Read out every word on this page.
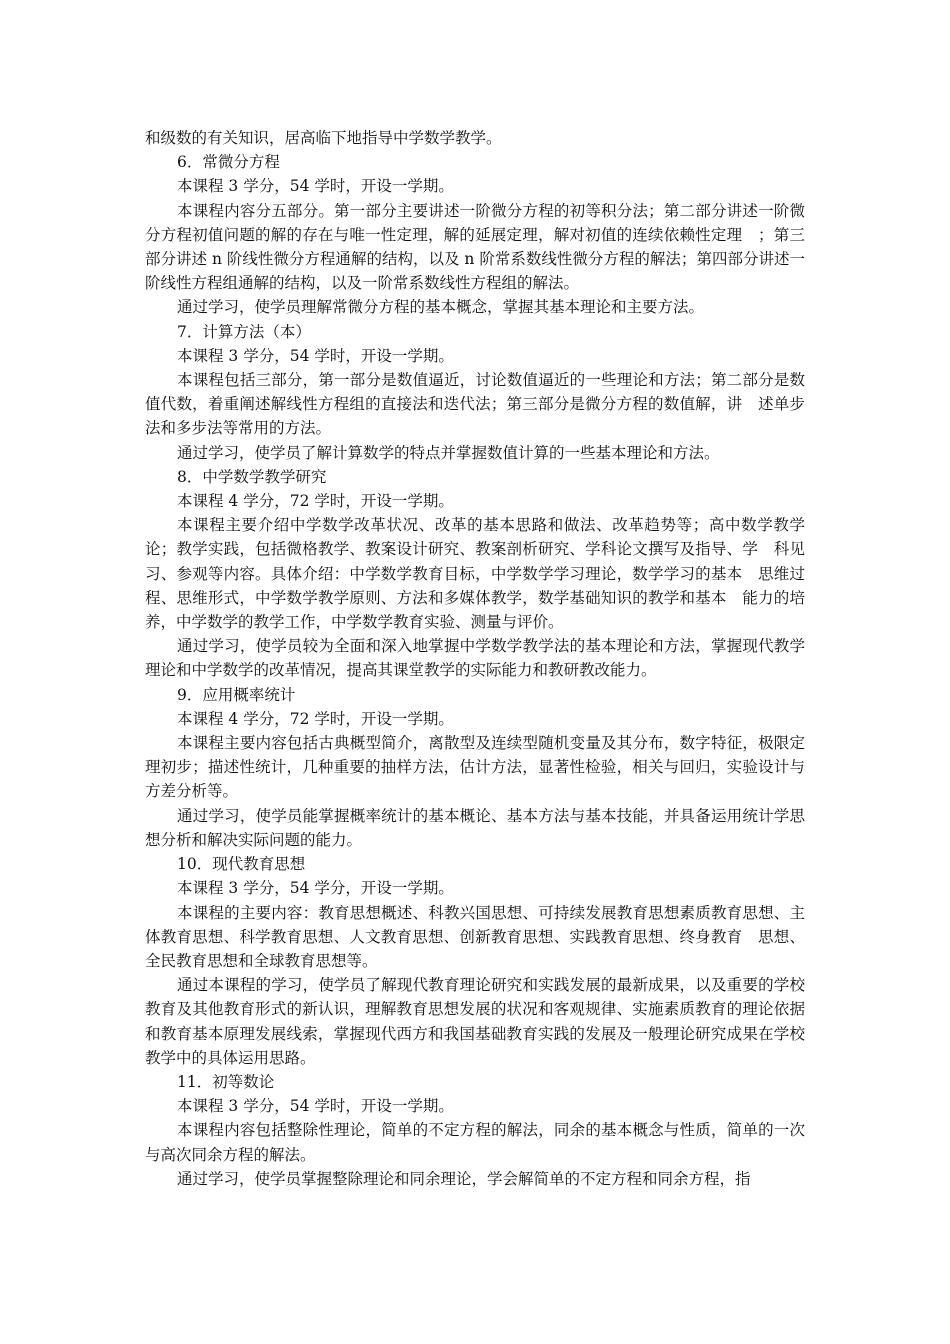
和级数的有关知识，居高临下地指导中学数学教学。

6．常微分方程

本课程 3 学分，54 学时，开设一学期。

本课程内容分五部分。第一部分主要讲述一阶微分方程的初等积分法；第二部分讲述一阶微分方程初值问题的解的存在与唯一性定理，解的延展定理，解对初值的连续依赖性定理　；第三部分讲述 n 阶线性微分方程通解的结构，以及 n 阶常系数线性微分方程的解法；第四部分讲述一阶线性方程组通解的结构，以及一阶常系数线性方程组的解法。

通过学习，使学员理解常微分方程的基本概念，掌握其基本理论和主要方法。

7．计算方法（本）

本课程 3 学分，54 学时，开设一学期。

本课程包括三部分，第一部分是数值逼近，讨论数值逼近的一些理论和方法；第二部分是数值代数，着重阐述解线性方程组的直接法和迭代法；第三部分是微分方程的数值解，讲　述单步法和多步法等常用的方法。

通过学习，使学员了解计算数学的特点并掌握数值计算的一些基本理论和方法。

8．中学数学教学研究

本课程 4 学分，72 学时，开设一学期。

本课程主要介绍中学数学改革状况、改革的基本思路和做法、改革趋势等；高中数学教学论；教学实践，包括微格教学、教案设计研究、教案剖析研究、学科论文撰写及指导、学　科见习、参观等内容。具体介绍：中学数学教育目标，中学数学学习理论，数学学习的基本　思维过程、思维形式，中学数学教学原则、方法和多媒体教学，数学基础知识的教学和基本　能力的培养，中学数学的教学工作，中学数学教育实验、测量与评价。

通过学习，使学员较为全面和深入地掌握中学数学教学法的基本理论和方法，掌握现代教学理论和中学数学的改革情况，提高其课堂教学的实际能力和教研教改能力。

9．应用概率统计

本课程 4 学分，72 学时，开设一学期。

本课程主要内容包括古典概型简介，离散型及连续型随机变量及其分布，数字特征，极限定理初步；描述性统计，几种重要的抽样方法，估计方法，显著性检验，相关与回归，实验设计与方差分析等。

通过学习，使学员能掌握概率统计的基本概论、基本方法与基本技能，并具备运用统计学思想分析和解决实际问题的能力。

10．现代教育思想

本课程 3 学分，54 学分，开设一学期。

本课程的主要内容：教育思想概述、科教兴国思想、可持续发展教育思想素质教育思想、主体教育思想、科学教育思想、人文教育思想、创新教育思想、实践教育思想、终身教育　思想、全民教育思想和全球教育思想等。

通过本课程的学习，使学员了解现代教育理论研究和实践发展的最新成果，以及重要的学校教育及其他教育形式的新认识，理解教育思想发展的状况和客观规律、实施素质教育的理论依据和教育基本原理发展线索，掌握现代西方和我国基础教育实践的发展及一般理论研究成果在学校教学中的具体运用思路。

11．初等数论

本课程 3 学分，54 学时，开设一学期。

本课程内容包括整除性理论，简单的不定方程的解法，同余的基本概念与性质，简单的一次与高次同余方程的解法。

通过学习，使学员掌握整除理论和同余理论，学会解简单的不定方程和同余方程，指
